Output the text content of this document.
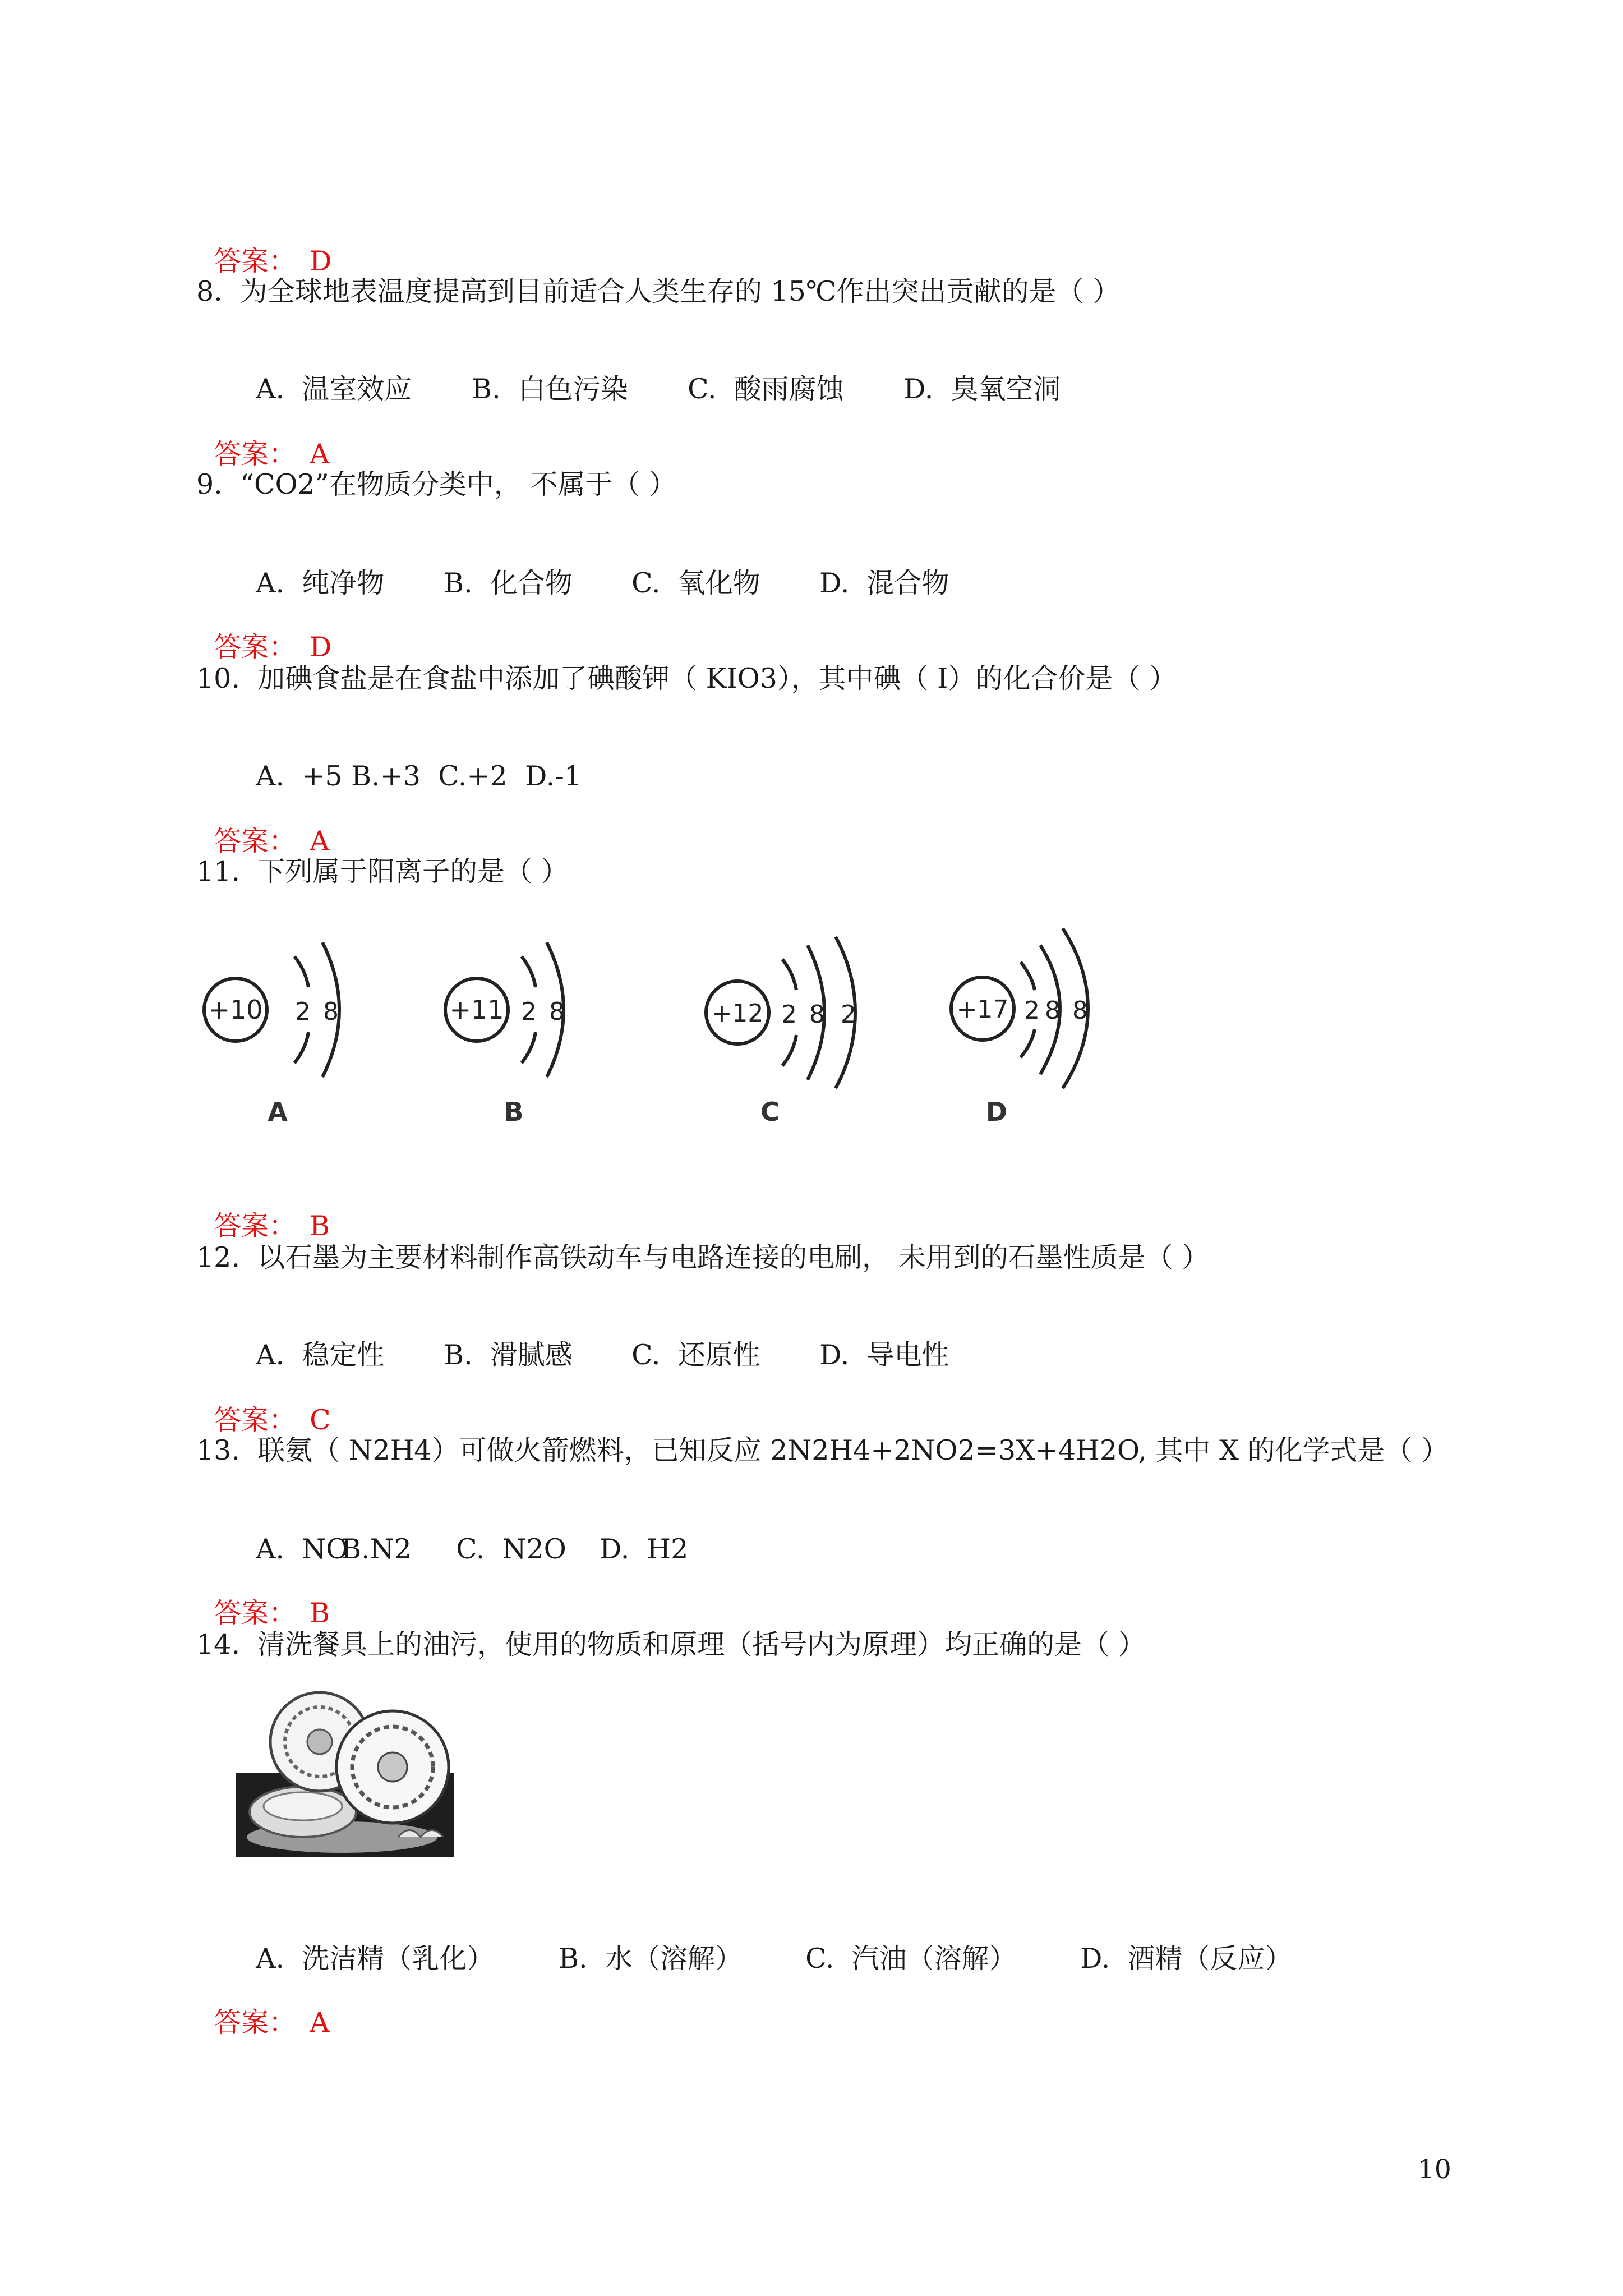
答案： D

8.  为全球地表温度提高到目前适合人类生存的 15℃作出突出贡献的是（ ）

A.  温室效应 B.  白色污染 C.  酸雨腐蚀 D.  臭氧空洞

答案： A

9.  “CO2”在物质分类中， 不属于（ ）

A.  纯净物 B.  化合物 C.  氧化物 D.  混合物

答案： D

10.  加碘食盐是在食盐中添加了碘酸钾（ KIO3），其中碘（ I）的化合价是（ ）

A.  +5 B.+3 C.+2 D.-1

答案： A

11.  下列属于阳离子的是（ ）
+10 2 8
A
+11 2 8
B
+12 2 8 2
C
+17 2 8 8
D

答案： B

12.  以石墨为主要材料制作高铁动车与电路连接的电刷， 未用到的石墨性质是（ ）

A.  稳定性 B.  滑腻感 C.  还原性 D.  导电性

答案： C

13.  联氨（ N2H4）可做火箭燃料，已知反应 2N2H4+2NO2=3X+4H2O, 其中 X 的化学式是（ ）

A.  NOB.N2 C.  N2O D.  H2

答案： B

14.  清洗餐具上的油污，使用的物质和原理（括号内为原理）均正确的是（ ）

A.  洗洁精（乳化） B.  水（溶解） C.  汽油（溶解） D.  酒精（反应）

答案： A

10
